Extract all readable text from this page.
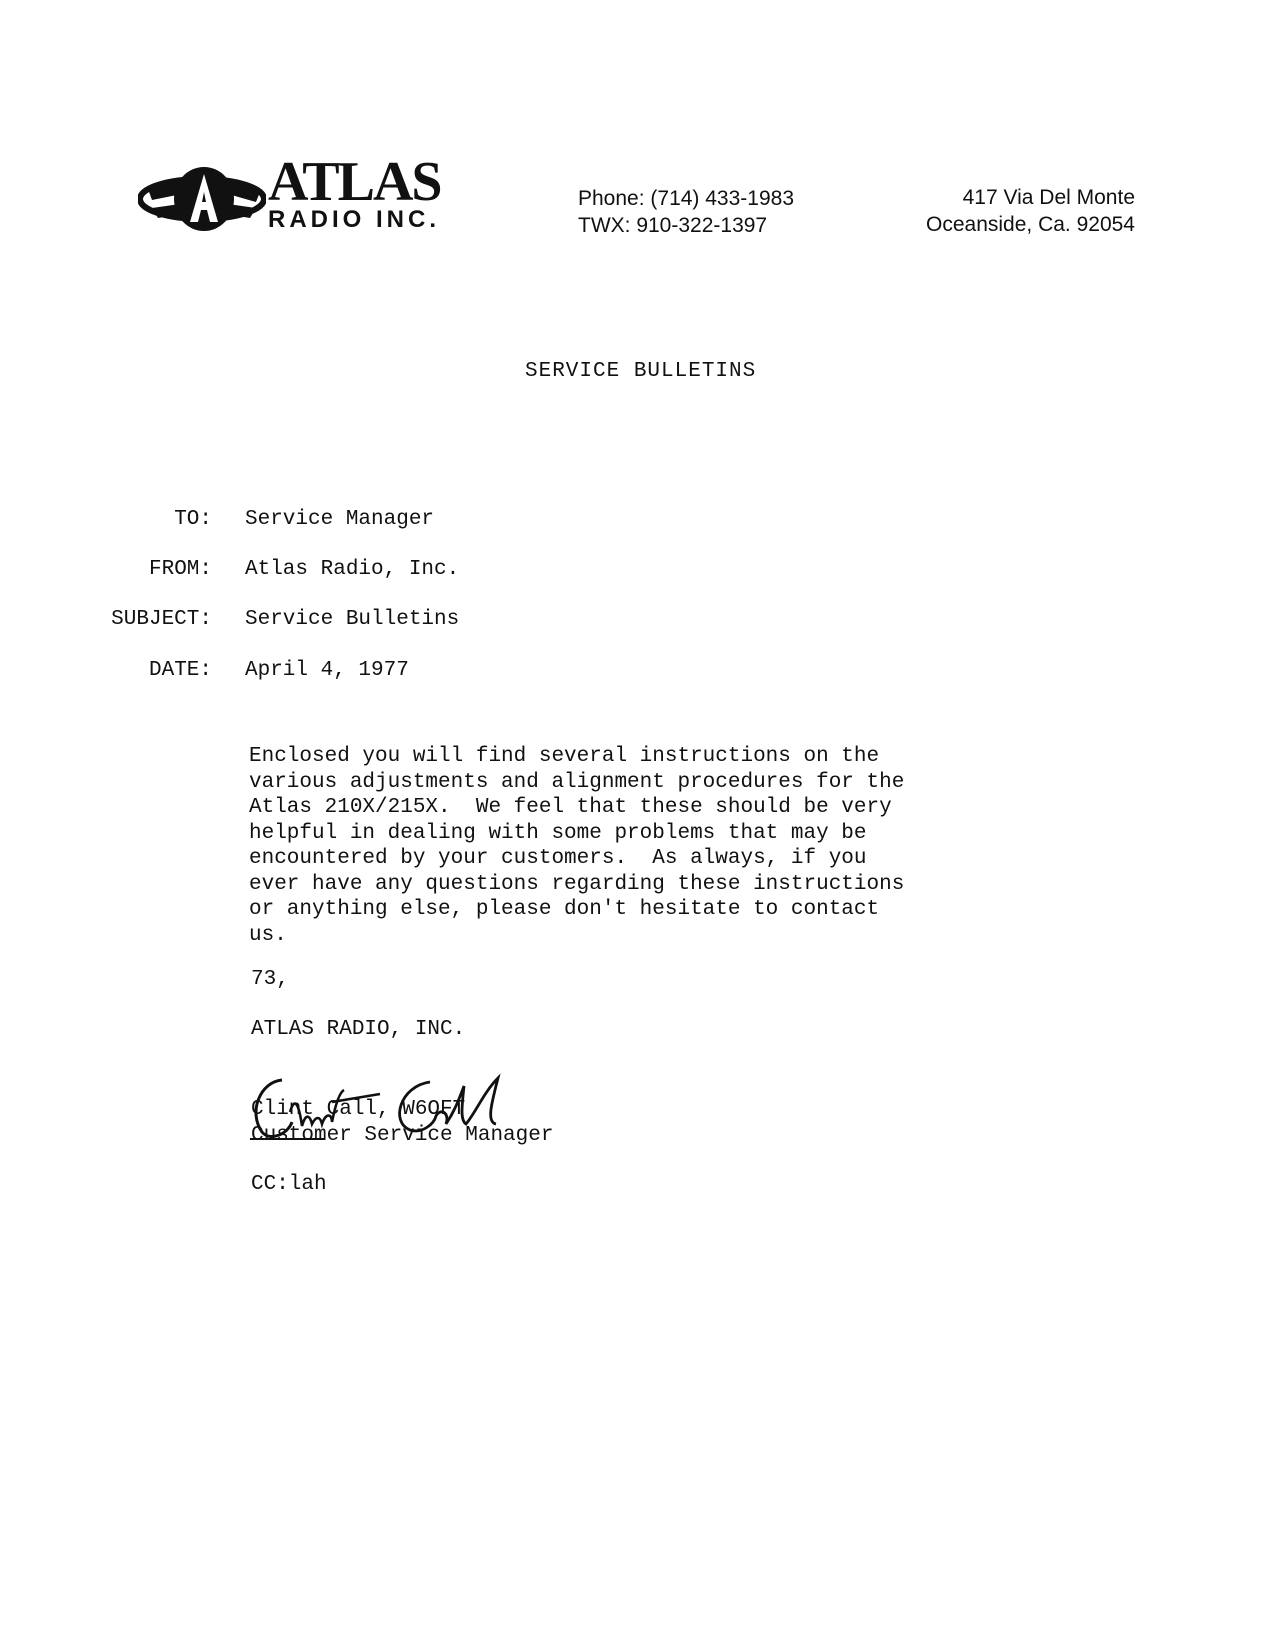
ATLAS
RADIO INC.
Phone: (714) 433-1983
TWX: 910-322-1397
417 Via Del Monte
Oceanside, Ca. 92054
SERVICE BULLETINS
TO: Service Manager
FROM: Atlas Radio, Inc.
SUBJECT: Service Bulletins
DATE: April 4, 1977
Enclosed you will find several instructions on the
various adjustments and alignment procedures for the
Atlas 210X/215X.  We feel that these should be very
helpful in dealing with some problems that may be
encountered by your customers.  As always, if you
ever have any questions regarding these instructions
or anything else, please don't hesitate to contact
us.
73,
ATLAS RADIO, INC.
Clint Call, W6OFT
Customer Service Manager
CC:lah
